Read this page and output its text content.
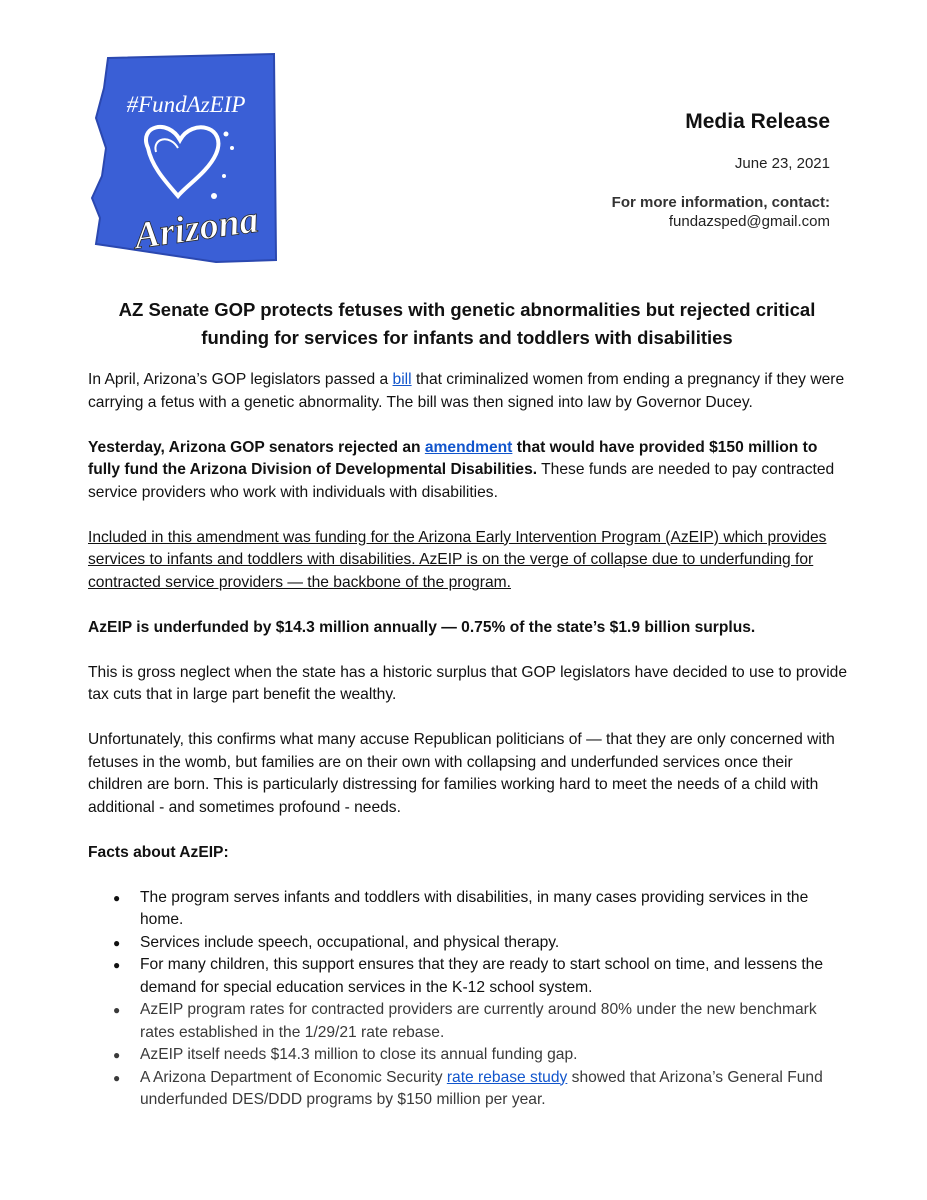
#FundAzEIP
Arizona

Media Release

June 23, 2021

For more information, contact:

fundazsped@gmail.com

AZ Senate GOP protects fetuses with genetic abnormalities but rejected critical
funding for services for infants and toddlers with disabilities

In April, Arizona’s GOP legislators passed a bill that criminalized women from ending a pregnancy if they were carrying a fetus with a genetic abnormality. The bill was then signed into law by Governor Ducey.

Yesterday, Arizona GOP senators rejected an amendment that would have provided $150 million to fully fund the Arizona Division of Developmental Disabilities. These funds are needed to pay contracted service providers who work with individuals with disabilities.

Included in this amendment was funding for the Arizona Early Intervention Program (AzEIP) which provides services to infants and toddlers with disabilities. AzEIP is on the verge of collapse due to underfunding for contracted service providers — the backbone of the program.

AzEIP is underfunded by $14.3 million annually — 0.75% of the state’s $1.9 billion surplus.

This is gross neglect when the state has a historic surplus that GOP legislators have decided to use to provide tax cuts that in large part benefit the wealthy.

Unfortunately, this confirms what many accuse Republican politicians of — that they are only concerned with fetuses in the womb, but families are on their own with collapsing and underfunded services once their children are born. This is particularly distressing for families working hard to meet the needs of a child with additional - and sometimes profound - needs.

Facts about AzEIP:

● The program serves infants and toddlers with disabilities, in many cases providing services in the home.
● Services include speech, occupational, and physical therapy.
● For many children, this support ensures that they are ready to start school on time, and lessens the demand for special education services in the K-12 school system.
● AzEIP program rates for contracted providers are currently around 80% under the new benchmark rates established in the 1/29/21 rate rebase.
● AzEIP itself needs $14.3 million to close its annual funding gap.
● A Arizona Department of Economic Security rate rebase study showed that Arizona’s General Fund underfunded DES/DDD programs by $150 million per year.
